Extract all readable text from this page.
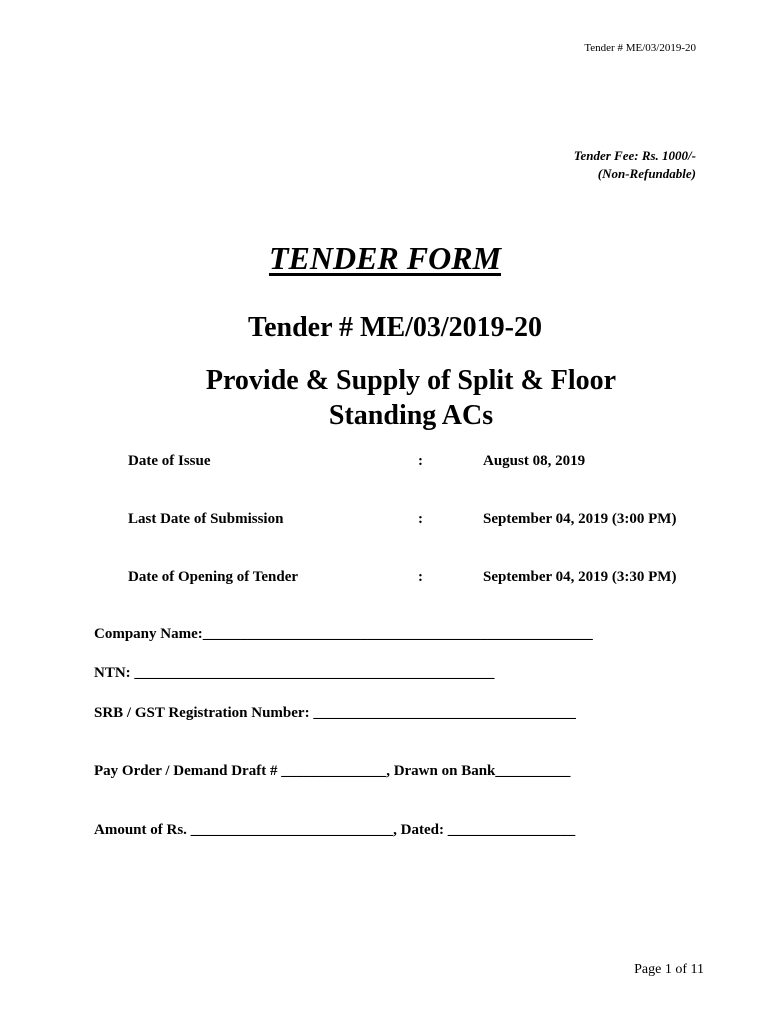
Tender # ME/03/2019-20
Tender Fee: Rs. 1000/-
(Non-Refundable)
TENDER FORM
Tender # ME/03/2019-20
Provide & Supply of Split & Floor
Standing ACs
Date of Issue	:	August 08, 2019
Last Date of Submission	:	September 04, 2019 (3:00 PM)
Date of Opening of Tender	:	September 04, 2019 (3:30 PM)
Company Name:____________________________________________________
NTN: ________________________________________________
SRB / GST Registration Number: ___________________________________
Pay Order / Demand Draft # ______________, Drawn on Bank__________
Amount of Rs. ___________________________, Dated: _________________
Page 1 of 11
